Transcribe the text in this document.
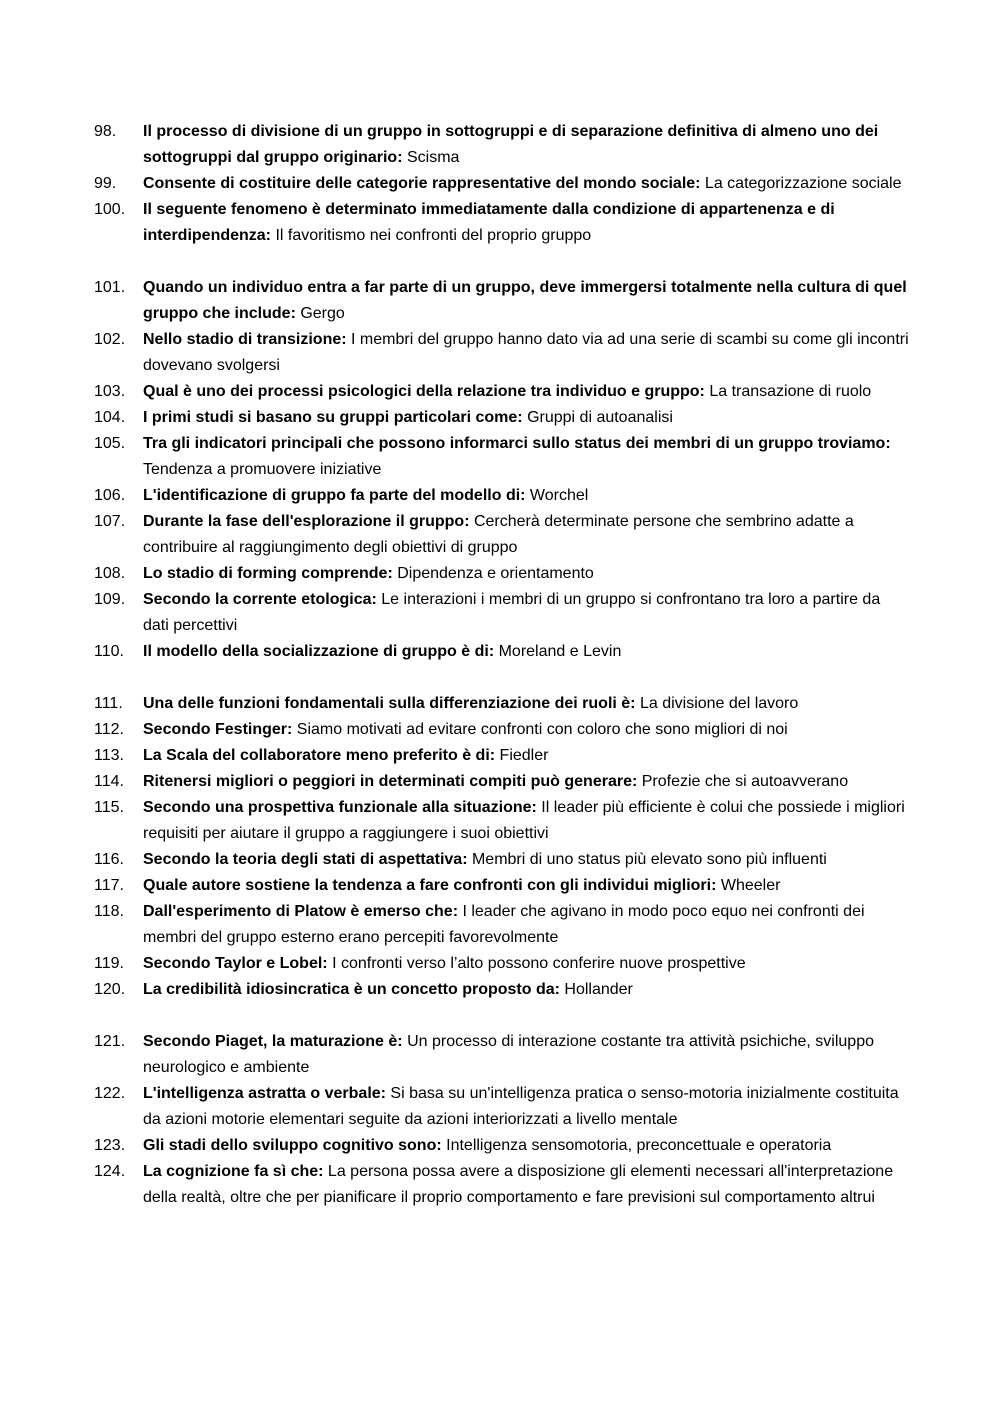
98.	Il processo di divisione di un gruppo in sottogruppi e di separazione definitiva di almeno uno dei sottogruppi dal gruppo originario: Scisma
99.	Consente di costituire delle categorie rappresentative del mondo sociale: La categorizzazione sociale
100.	Il seguente fenomeno è determinato immediatamente dalla condizione di appartenenza e di interdipendenza: Il favoritismo nei confronti del proprio gruppo
101.	Quando un individuo entra a far parte di un gruppo, deve immergersi totalmente nella cultura di quel gruppo che include: Gergo
102.	Nello stadio di transizione: I membri del gruppo hanno dato via ad una serie di scambi su come gli incontri dovevano svolgersi
103.	Qual è uno dei processi psicologici della relazione tra individuo e gruppo: La transazione di ruolo
104.	I primi studi si basano su gruppi particolari come: Gruppi di autoanalisi
105.	Tra gli indicatori principali che possono informarci sullo status dei membri di un gruppo troviamo: Tendenza a promuovere iniziative
106.	L'identificazione di gruppo fa parte del modello di: Worchel
107.	Durante la fase dell'esplorazione il gruppo: Cercherà determinate persone che sembrino adatte a contribuire al raggiungimento degli obiettivi di gruppo
108.	Lo stadio di forming comprende: Dipendenza e orientamento
109.	Secondo la corrente etologica: Le interazioni i membri di un gruppo si confrontano tra loro a partire da dati percettivi
110.	Il modello della socializzazione di gruppo è di: Moreland e Levin
111.	Una delle funzioni fondamentali sulla differenziazione dei ruoli è: La divisione del lavoro
112.	Secondo Festinger: Siamo motivati ad evitare confronti con coloro che sono migliori di noi
113.	La Scala del collaboratore meno preferito è di: Fiedler
114.	Ritenersi migliori o peggiori in determinati compiti può generare: Profezie che si autoavverano
115.	Secondo una prospettiva funzionale alla situazione: Il leader più efficiente è colui che possiede i migliori requisiti per aiutare il gruppo a raggiungere i suoi obiettivi
116.	Secondo la teoria degli stati di aspettativa: Membri di uno status più elevato sono più influenti
117.	Quale autore sostiene la tendenza a fare confronti con gli individui migliori: Wheeler
118.	Dall'esperimento di Platow è emerso che: I leader che agivano in modo poco equo nei confronti dei membri del gruppo esterno erano percepiti favorevolmente
119.	Secondo Taylor e Lobel: I confronti verso l’alto possono conferire nuove prospettive
120.	La credibilità idiosincratica è un concetto proposto da: Hollander
121.	Secondo Piaget, la maturazione è: Un processo di interazione costante tra attività psichiche, sviluppo neurologico e ambiente
122.	L'intelligenza astratta o verbale: Si basa su un'intelligenza pratica o senso-motoria inizialmente costituita da azioni motorie elementari seguite da azioni interiorizzati a livello mentale
123.	Gli stadi dello sviluppo cognitivo sono: Intelligenza sensomotoria, preconcettuale e operatoria
124.	La cognizione fa sì che: La persona possa avere a disposizione gli elementi necessari all'interpretazione della realtà, oltre che per pianificare il proprio comportamento e fare previsioni sul comportamento altrui
